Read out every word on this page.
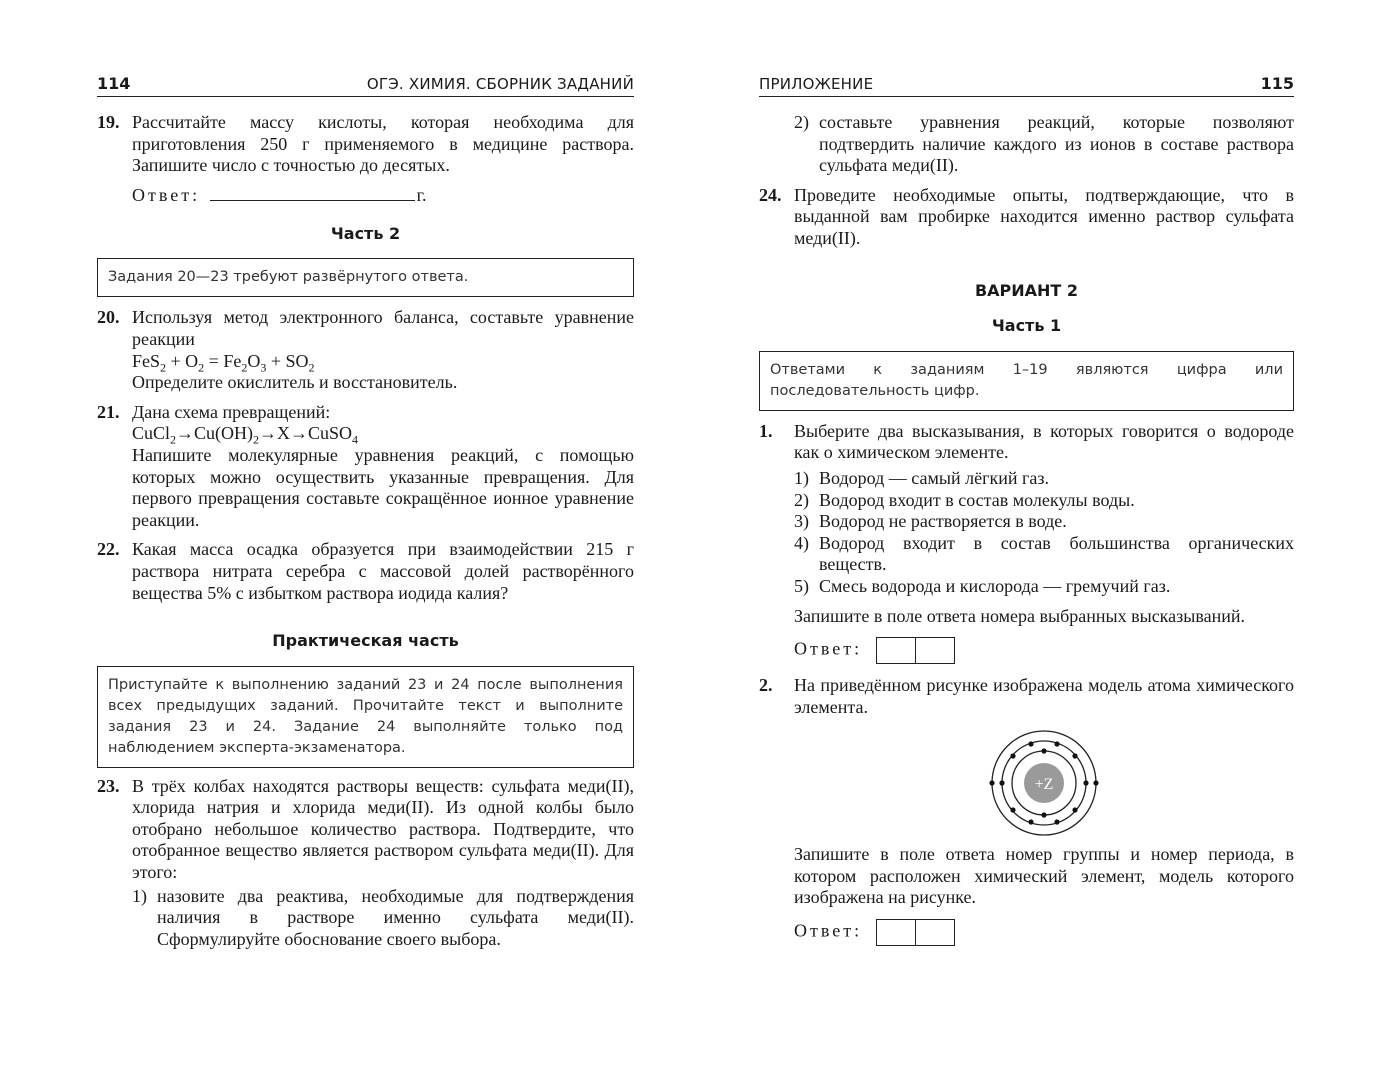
114	ОГЭ. ХИМИЯ. СБОРНИК ЗАДАНИЙ
19. Рассчитайте массу кислоты, которая необходима для приготовления 250 г применяемого в медицине раствора. Запишите число с точностью до десятых.

Ответ:	г.
Часть 2
Задания 20—23 требуют развёрнутого ответа.
20. Используя метод электронного баланса, составьте уравнение реакции

$FeS_2 + O_2 = Fe_2O_3 + SO_2$

Определите окислитель и восстановитель.

21. Дана схема превращений:

$CuCl_2\to Cu(OH)_2\to X\to CuSO_4$

Напишите молекулярные уравнения реакций, с помощью которых можно осуществить указанные превращения. Для первого превращения составьте сокращённое ионное уравнение реакции.

22. Какая масса осадка образуется при взаимодействии 215 г раствора нитрата серебра с массовой долей растворённого вещества 5% с избытком раствора иодида калия?

Практическая часть
Приступайте к выполнению заданий 23 и 24 после выполнения всех предыдущих заданий. Прочитайте текст и выполните задания 23 и 24. Задание 24 выполняйте только под наблюдением эксперта-экзаменатора.
23. В трёх колбах находятся растворы веществ: сульфата меди(II), хлорида натрия и хлорида меди(II). Из одной колбы было отобрано небольшое количество раствора. Подтвердите, что отобранное вещество является раствором сульфата меди(II). Для этого:

1) назовите два реактива, необходимые для подтверждения наличия в растворе именно сульфата меди(II). Сформулируйте обоснование своего выбора.

ПРИЛОЖЕНИЕ	115
2) составьте уравнения реакций, которые позволяют подтвердить наличие каждого из ионов в составе раствора сульфата меди(II).

24. Проведите необходимые опыты, подтверждающие, что в выданной вам пробирке находится именно раствор сульфата меди(II).

ВАРИАНТ 2
Часть 1
Ответами к заданиям 1–19 являются цифра или последовательность цифр.
1. Выберите два высказывания, в которых говорится о водороде как о химическом элементе.

1) Водород — самый лёгкий газ.
2) Водород входит в состав молекулы воды.
3) Водород не растворяется в воде.
4) Водород входит в состав большинства органических веществ.
5) Смесь водорода и кислорода — гремучий газ.

Запишите в поле ответа номера выбранных высказываний.

Ответ:
2. На приведённом рисунке изображена модель атома химического элемента.

+Z

Запишите в поле ответа номер группы и номер периода, в котором расположен химический элемент, модель которого изображена на рисунке.

Ответ:
